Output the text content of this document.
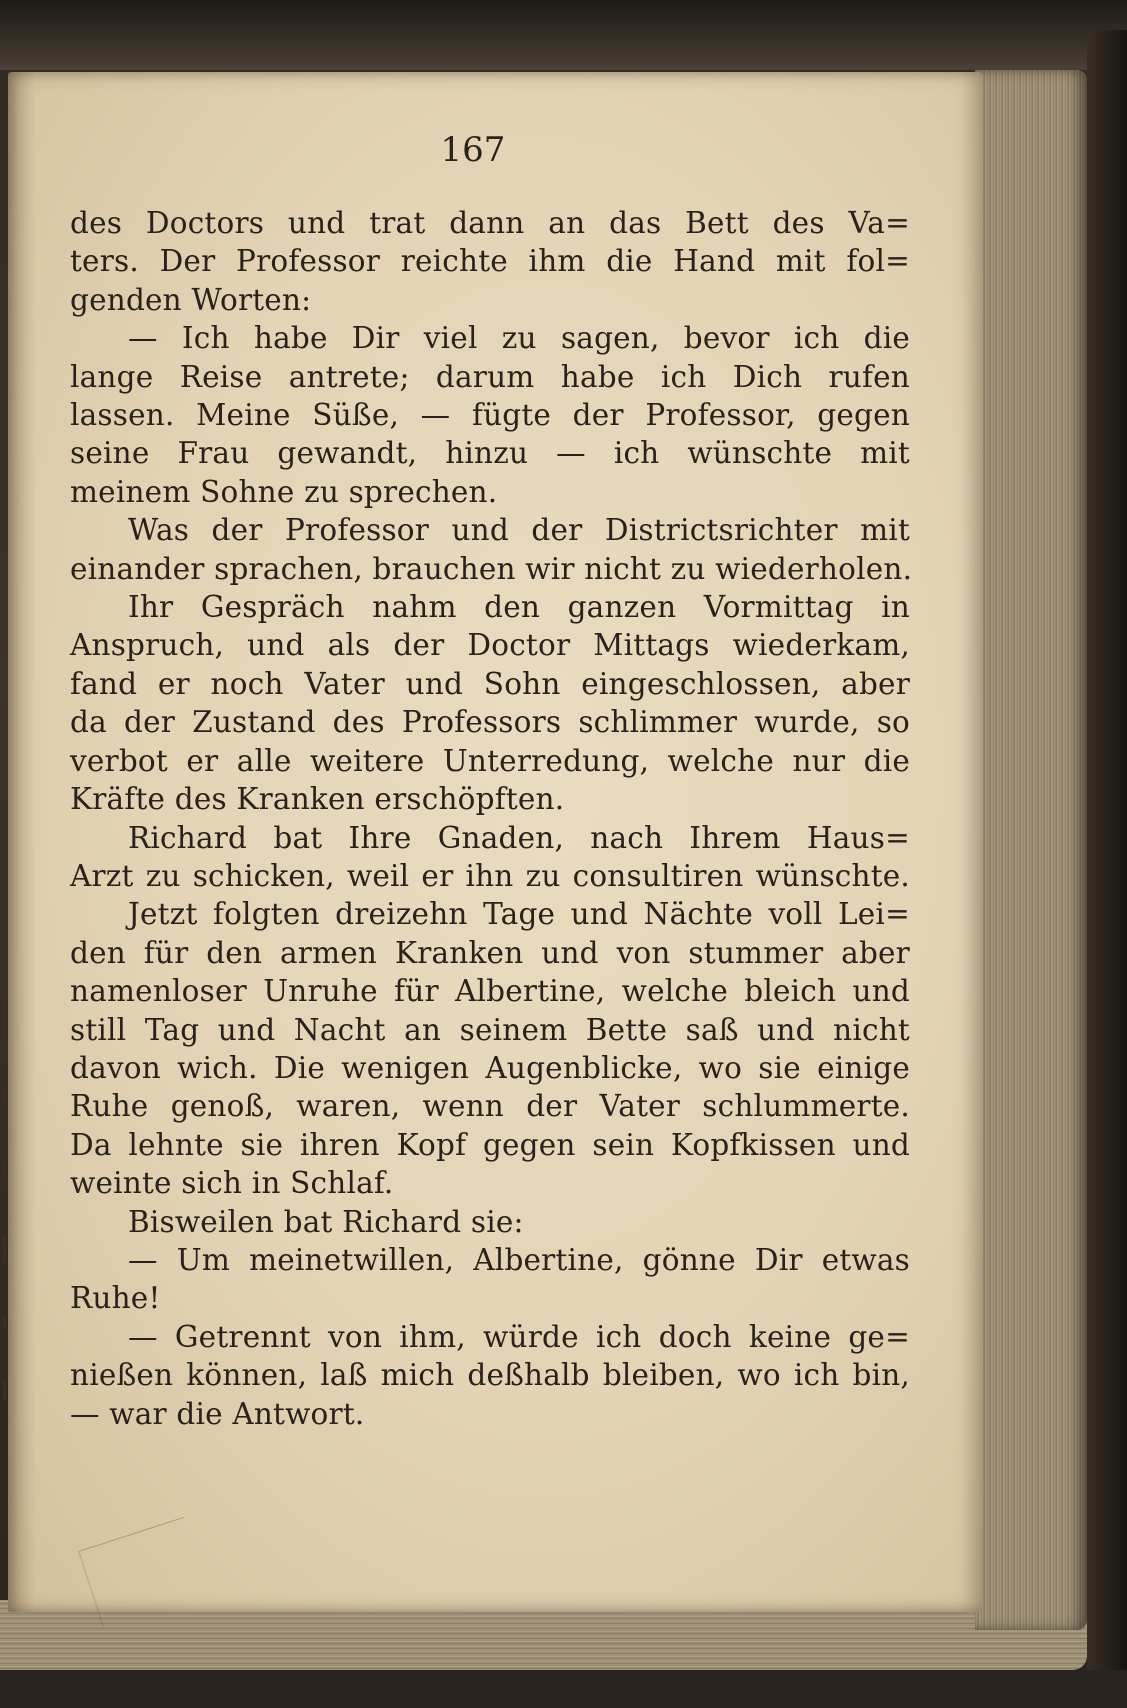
167

des Doctors und trat dann an das Bett des Va=
ters. Der Professor reichte ihm die Hand mit fol=
genden Worten:
— Ich habe Dir viel zu sagen, bevor ich die
lange Reise antrete; darum habe ich Dich rufen
lassen. Meine Süße, — fügte der Professor, gegen
seine Frau gewandt, hinzu — ich wünschte mit
meinem Sohne zu sprechen.
Was der Professor und der Districtsrichter mit
einander sprachen, brauchen wir nicht zu wiederholen.
Ihr Gespräch nahm den ganzen Vormittag in
Anspruch, und als der Doctor Mittags wiederkam,
fand er noch Vater und Sohn eingeschlossen, aber
da der Zustand des Professors schlimmer wurde, so
verbot er alle weitere Unterredung, welche nur die
Kräfte des Kranken erschöpften.
Richard bat Ihre Gnaden, nach Ihrem Haus=
Arzt zu schicken, weil er ihn zu consultiren wünschte.
Jetzt folgten dreizehn Tage und Nächte voll Lei=
den für den armen Kranken und von stummer aber
namenloser Unruhe für Albertine, welche bleich und
still Tag und Nacht an seinem Bette saß und nicht
davon wich. Die wenigen Augenblicke, wo sie einige
Ruhe genoß, waren, wenn der Vater schlummerte.
Da lehnte sie ihren Kopf gegen sein Kopfkissen und
weinte sich in Schlaf.
Bisweilen bat Richard sie:
— Um meinetwillen, Albertine, gönne Dir etwas
Ruhe!
— Getrennt von ihm, würde ich doch keine ge=
nießen können, laß mich deßhalb bleiben, wo ich bin,
— war die Antwort.
